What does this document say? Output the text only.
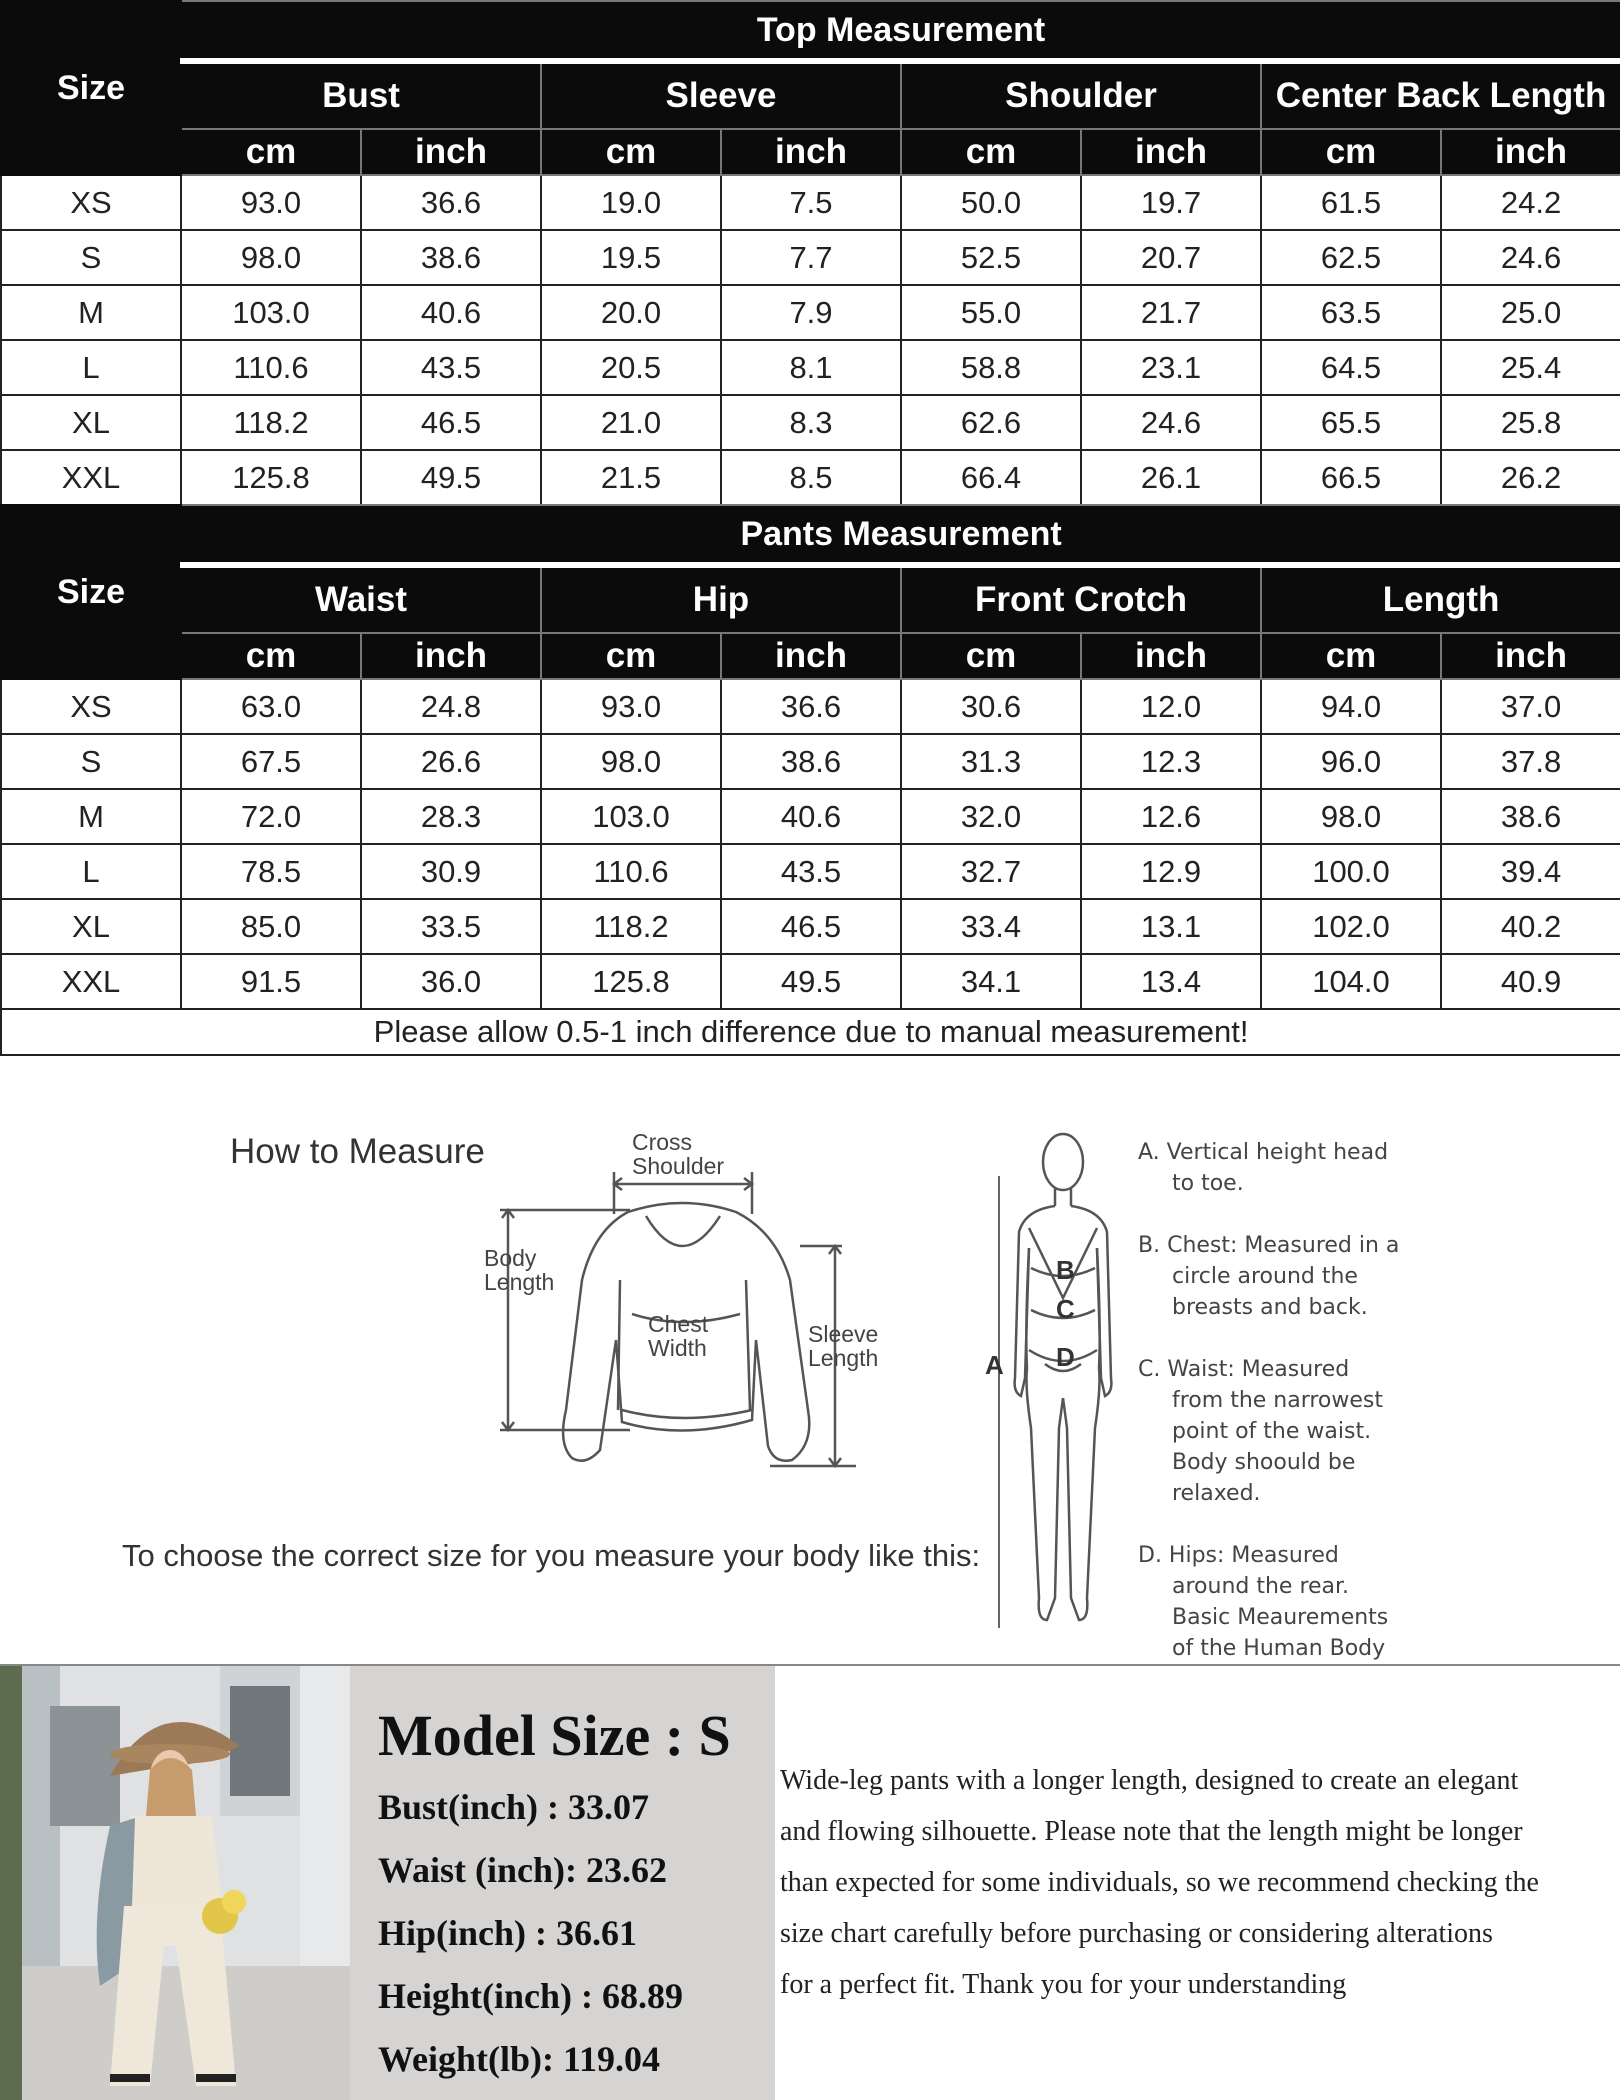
Size	Top Measurement							
	Bust		Sleeve		Shoulder		Center Back Length	
	cm	inch	cm	inch	cm	inch	cm	inch
XS	93.0	36.6	19.0	7.5	50.0	19.7	61.5	24.2
S	98.0	38.6	19.5	7.7	52.5	20.7	62.5	24.6
M	103.0	40.6	20.0	7.9	55.0	21.7	63.5	25.0
L	110.6	43.5	20.5	8.1	58.8	23.1	64.5	25.4
XL	118.2	46.5	21.0	8.3	62.6	24.6	65.5	25.8
XXL	125.8	49.5	21.5	8.5	66.4	26.1	66.5	26.2
Size	Pants Measurement							
	Waist		Hip		Front Crotch		Length	
	cm	inch	cm	inch	cm	inch	cm	inch
XS	63.0	24.8	93.0	36.6	30.6	12.0	94.0	37.0
S	67.5	26.6	98.0	38.6	31.3	12.3	96.0	37.8
M	72.0	28.3	103.0	40.6	32.0	12.6	98.0	38.6
L	78.5	30.9	110.6	43.5	32.7	12.9	100.0	39.4
XL	85.0	33.5	118.2	46.5	33.4	13.1	102.0	40.2
XXL	91.5	36.0	125.8	49.5	34.1	13.4	104.0	40.9
Please allow 0.5-1 inch difference due to manual measurement!								
How to Measure	Cross
Shoulder
Body
Length
Chest
Width
Sleeve
Length
To choose the correct size for you measure your body like this:
A
B
C
D
A. Vertical height head
to toe.
B. Chest: Measured in a
circle around the
breasts and back.
C. Waist: Measured
from the narrowest
point of the waist.
Body shoould be
relaxed.
D. Hips: Measured
around the rear.
Basic Meaurements
of the Human Body
Model Size : S
Bust(inch) : 33.07
Waist (inch): 23.62
Hip(inch) : 36.61
Height(inch) : 68.89
Weight(lb): 119.04
Wide-leg pants with a longer length, designed to create an elegant
and flowing silhouette. Please note that the length might be longer
than expected for some individuals, so we recommend checking the
size chart carefully before purchasing or considering alterations
for a perfect fit. Thank you for your understanding
